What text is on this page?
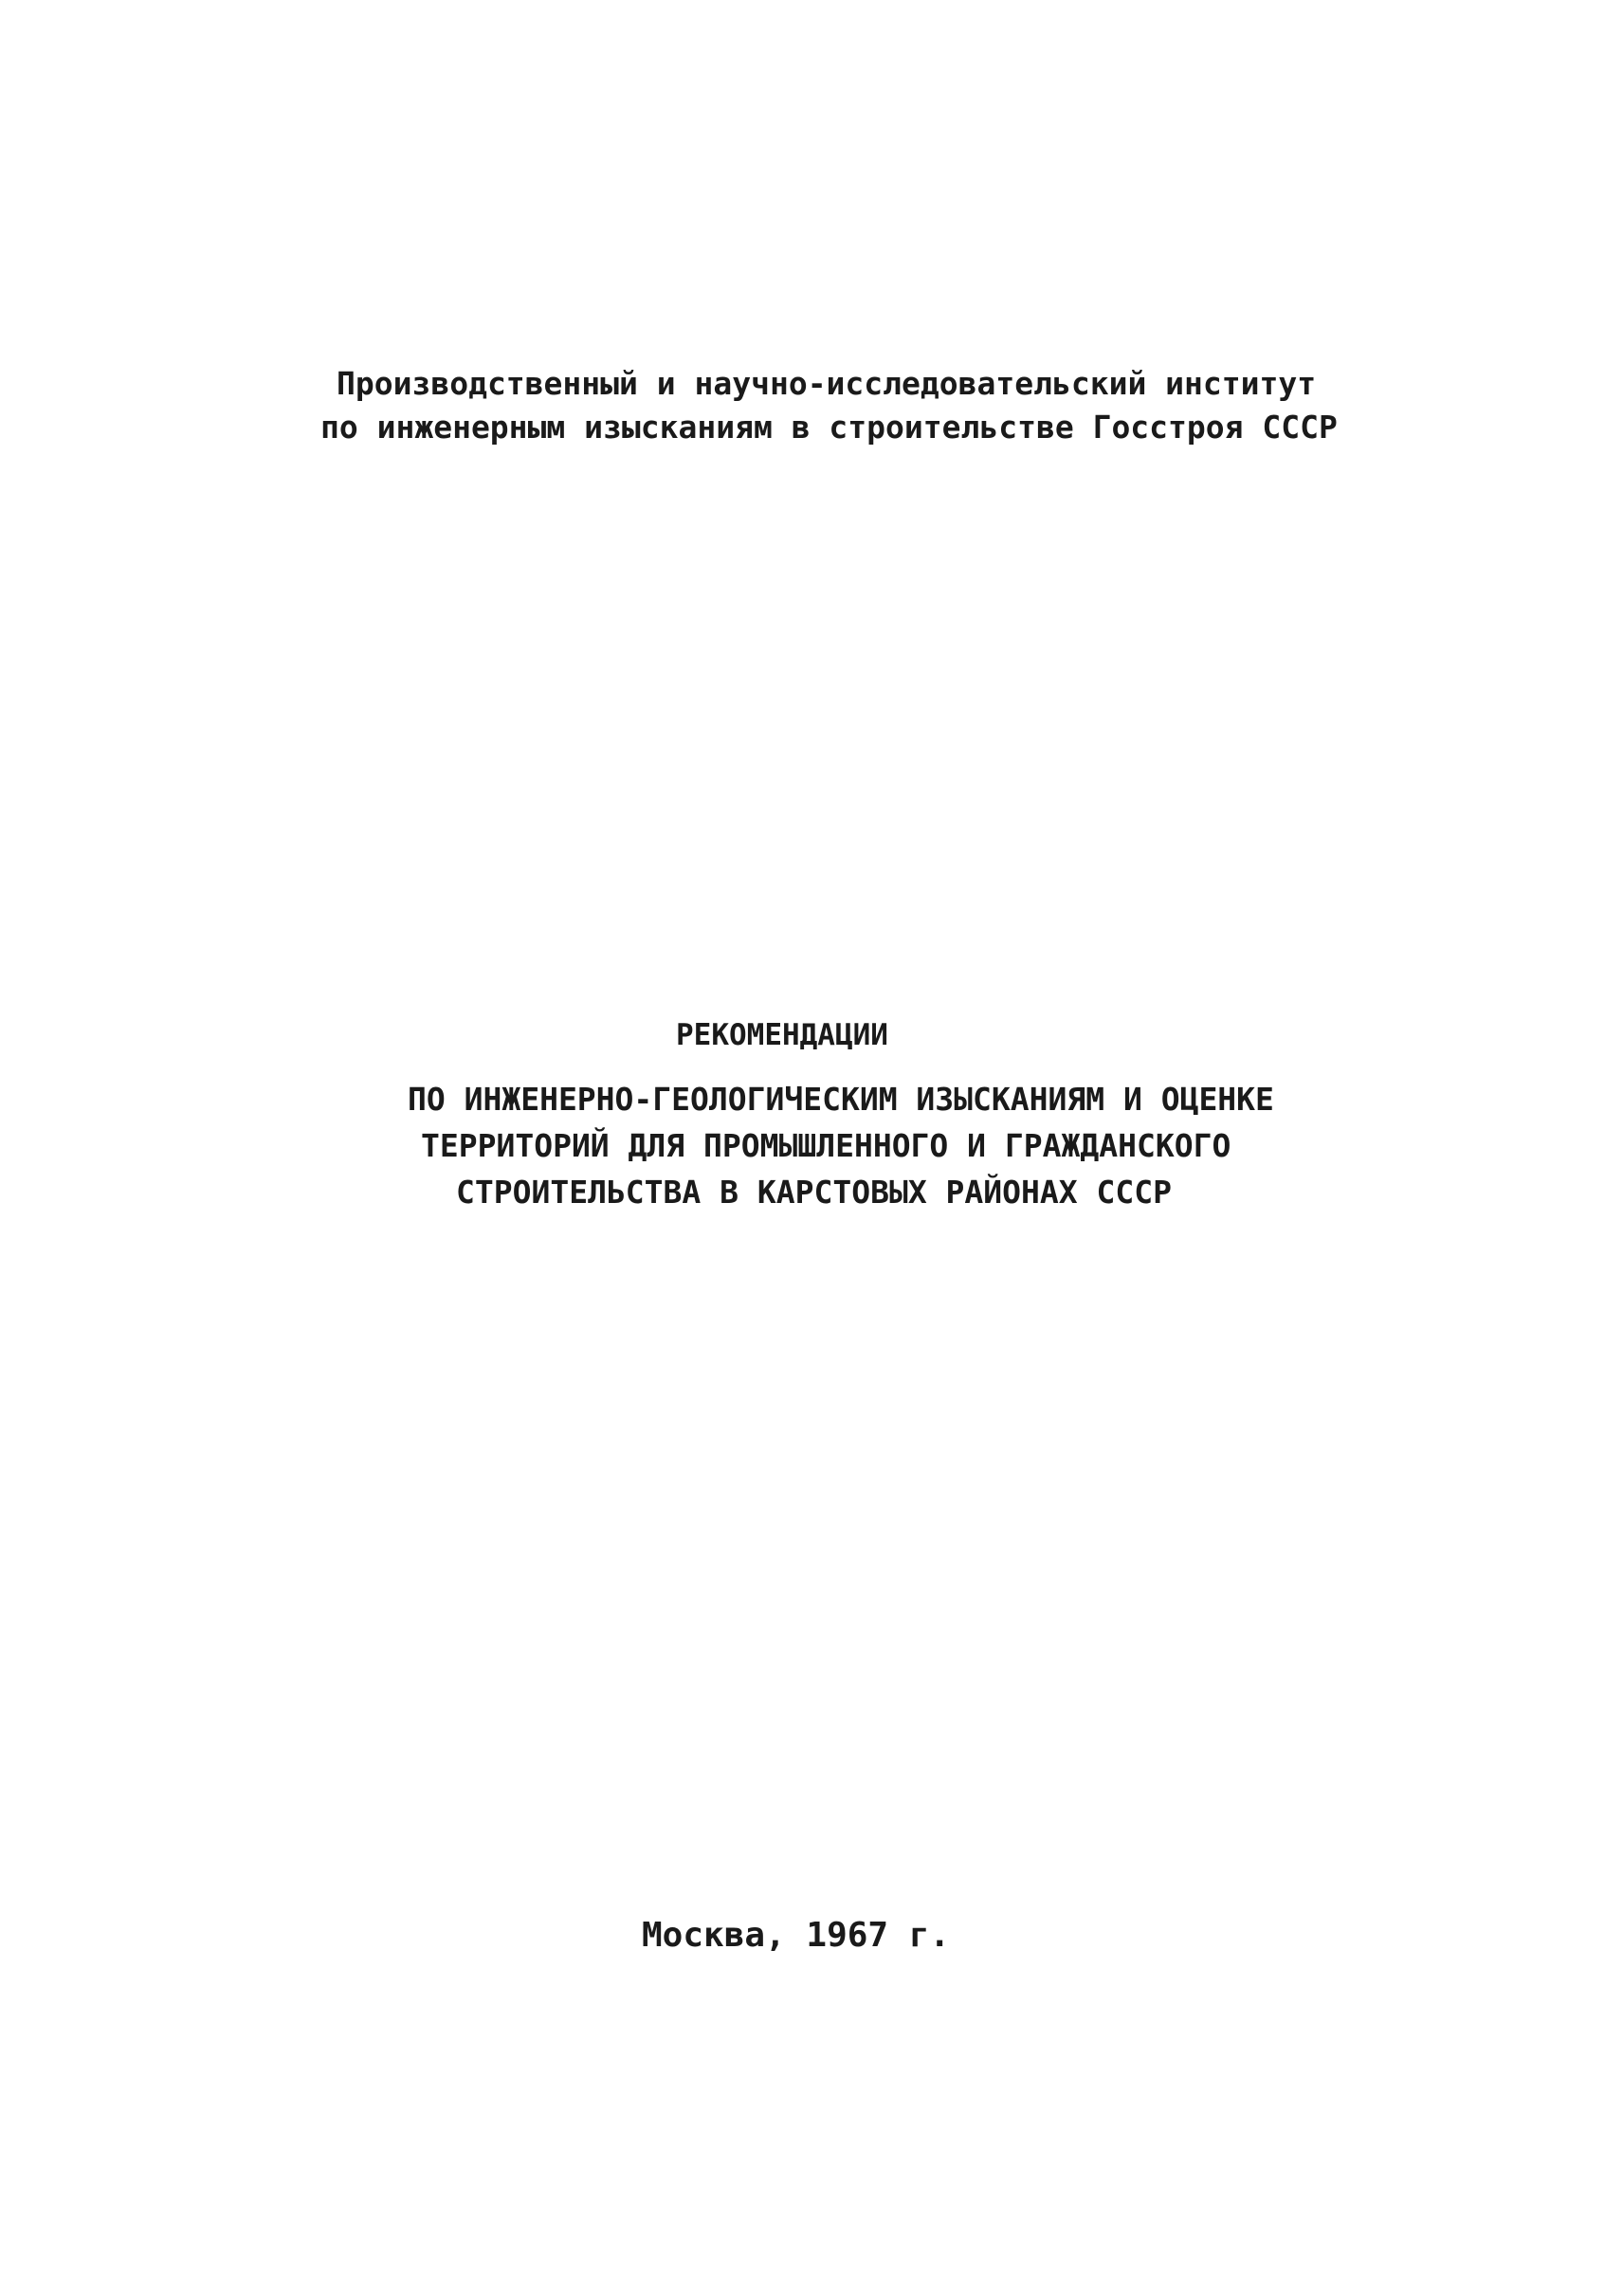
Производственный и научно-исследовательский институт
по инженерным изысканиям в строительстве Госстроя СССР
РЕКОМЕНДАЦИИ
ПО ИНЖЕНЕРНО-ГЕОЛОГИЧЕСКИМ ИЗЫСКАНИЯМ И ОЦЕНКЕ
ТЕРРИТОРИЙ ДЛЯ ПРОМЫШЛЕННОГО И ГРАЖДАНСКОГО
СТРОИТЕЛЬСТВА В КАРСТОВЫХ РАЙОНАХ СССР
Москва, 1967 г.
